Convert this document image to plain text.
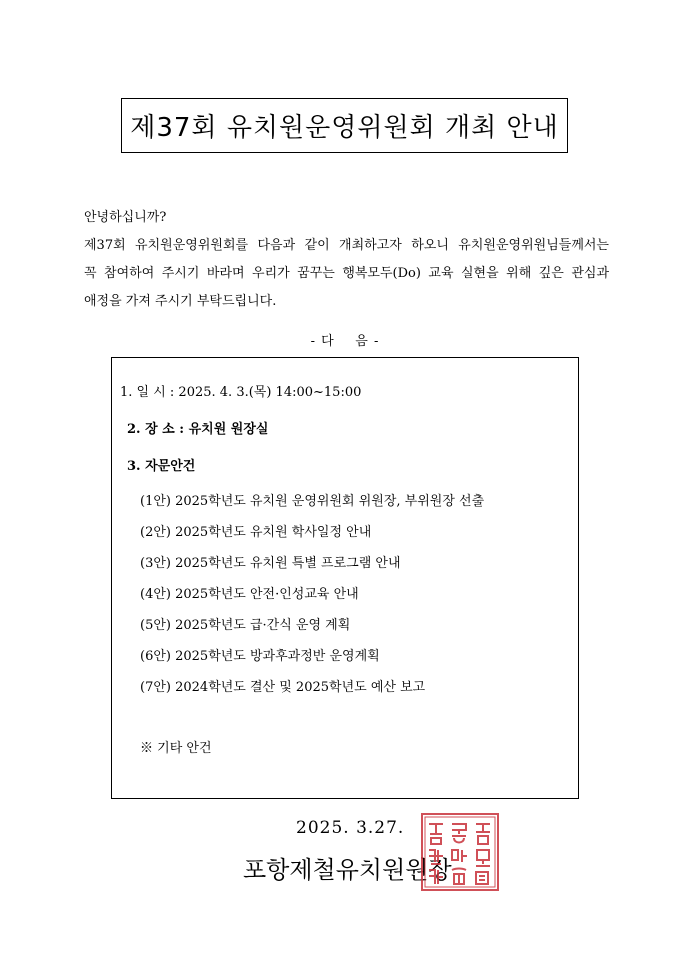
제37회 유치원운영위원회 개최 안내

안녕하십니까?

제37회 유치원운영위원회를 다음과 같이 개최하고자 하오니 유치원운영위원님들께서는

꼭 참여하여 주시기 바라며 우리가 꿈꾸는 행복모두(Do) 교육 실현을 위해 깊은 관심과

애정을 가져 주시기 부탁드립니다.

- 다    음 -
1. 일 시 : 2025. 4. 3.(목) 14:00~15:00
2. 장 소 : 유치원 원장실
3. 자문안건
(1안) 2025학년도 유치원 운영위원회 위원장, 부위원장 선출
(2안) 2025학년도 유치원 학사일정 안내
(3안) 2025학년도 유치원 특별 프로그램 안내
(4안) 2025학년도 안전·인성교육 안내
(5안) 2025학년도 급·간식 운영 계획
(6안) 2025학년도 방과후과정반 운영계획
(7안) 2024학년도 결산 및 2025학년도 예산 보고
※ 기타 안건
2025. 3.27.
포항제철유치원원장
